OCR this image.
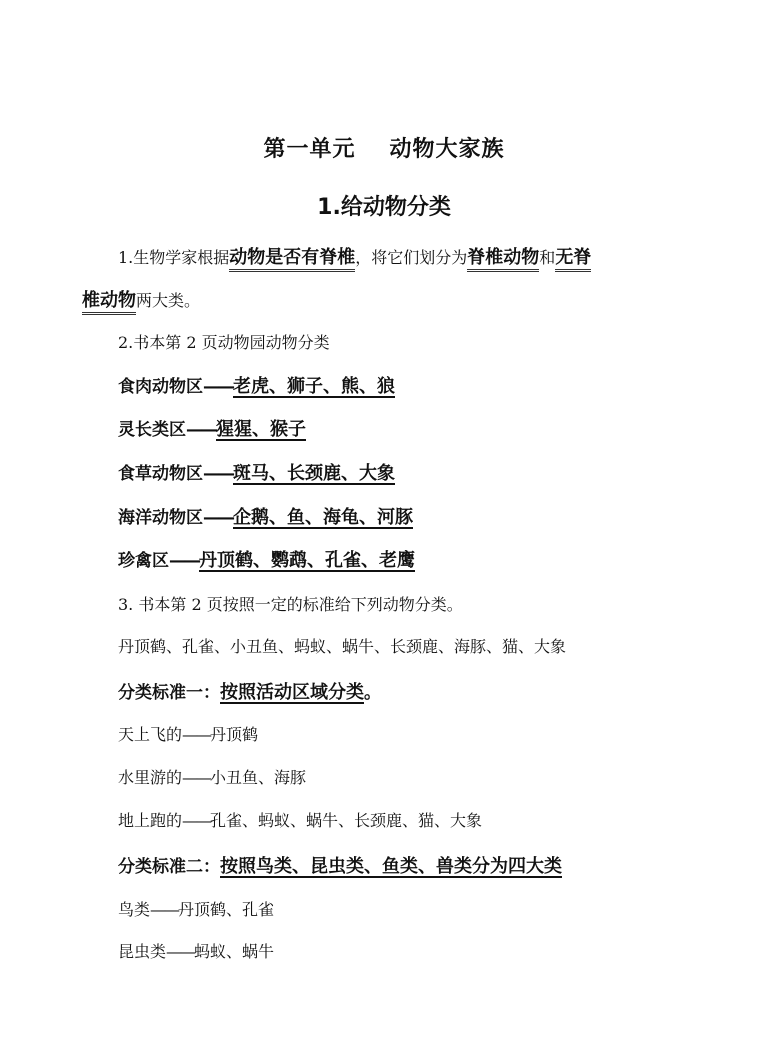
第一单元 动物大家族
1.给动物分类
1.生物学家根据动物是否有脊椎，将它们划分为脊椎动物和无脊
椎动物两大类。
2.书本第 2 页动物园动物分类
食肉动物区——老虎、狮子、熊、狼
灵长类区——猩猩、猴子
食草动物区——斑马、长颈鹿、大象
海洋动物区——企鹅、鱼、海龟、河豚
珍禽区——丹顶鹤、鹦鹉、孔雀、老鹰
3. 书本第 2 页按照一定的标准给下列动物分类。
丹顶鹤、孔雀、小丑鱼、蚂蚁、蜗牛、长颈鹿、海豚、猫、大象
分类标准一：按照活动区域分类。
天上飞的——丹顶鹤
水里游的——小丑鱼、海豚
地上跑的——孔雀、蚂蚁、蜗牛、长颈鹿、猫、大象
分类标准二：按照鸟类、昆虫类、鱼类、兽类分为四大类
鸟类——丹顶鹤、孔雀
昆虫类——蚂蚁、蜗牛
